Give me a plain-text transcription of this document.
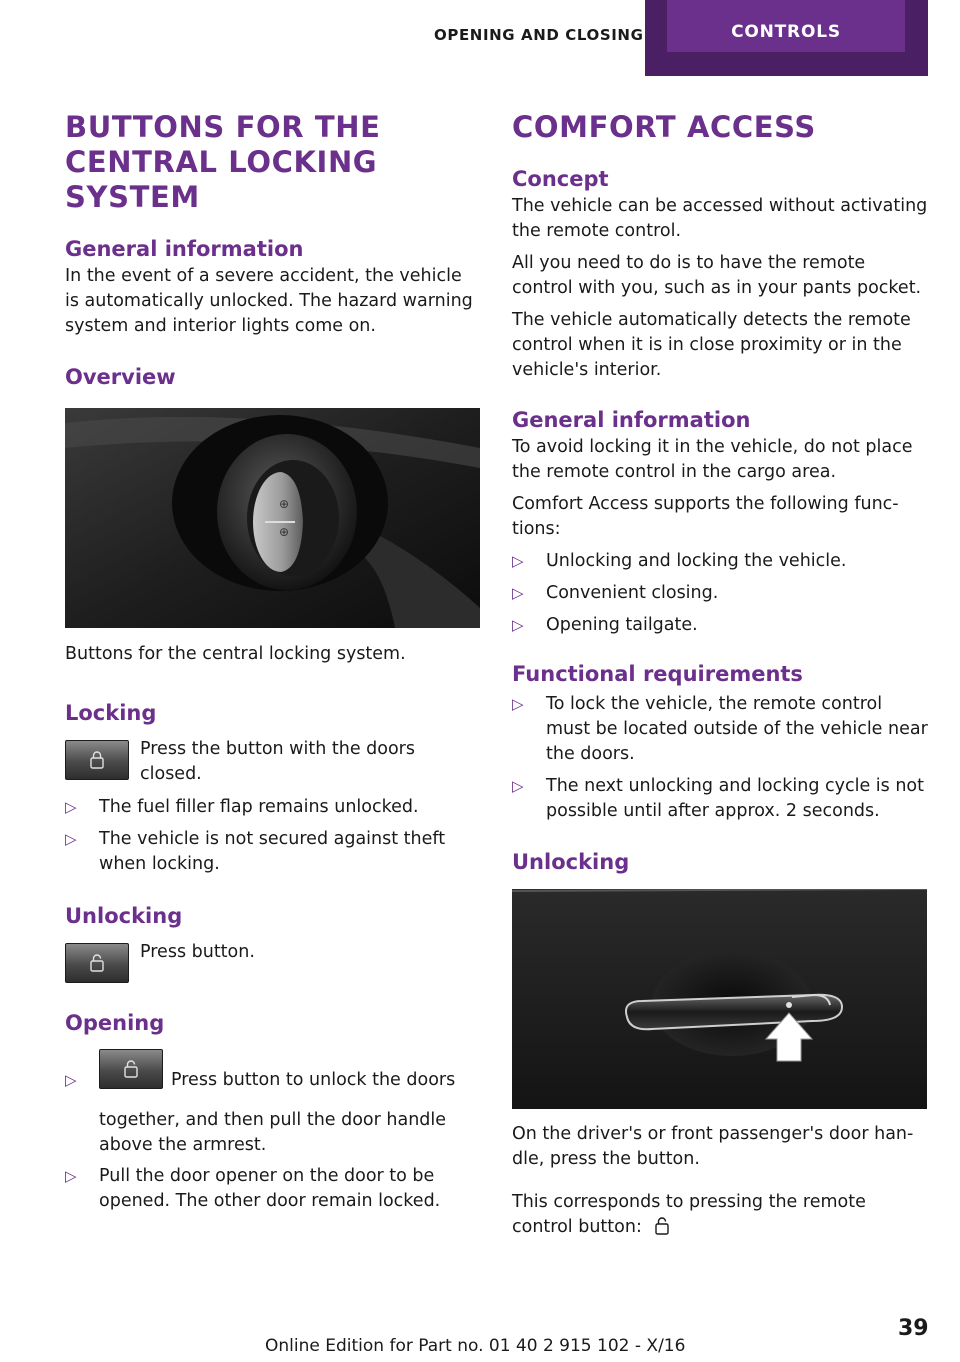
OPENING AND CLOSING	CONTROLS
BUTTONS FOR THE CENTRAL LOCKING SYSTEM
General information

In the event of a severe accident, the vehicle is automatically unlocked. The hazard warning system and interior lights come on.

Overview
⊕
⊕

Buttons for the central locking system.

Locking

Press the button with the doors closed.

▷ The fuel filler flap remains unlocked.
▷ The vehicle is not secured against theft when locking.
Unlocking

Press button.

Opening
▷	Press button to unlock the doors together, and then pull the door handle above the armrest.
▷ Pull the door opener on the door to be opened. The other door remain locked.
COMFORT ACCESS
Concept

The vehicle can be accessed without activating the remote control.

All you need to do is to have the remote control with you, such as in your pants pocket.

The vehicle automatically detects the remote control when it is in close proximity or in the vehicle's interior.

General information

To avoid locking it in the vehicle, do not place the remote control in the cargo area.

Comfort Access supports the following func‐ tions:

▷ Unlocking and locking the vehicle.
▷ Convenient closing.
▷ Opening tailgate.
Functional requirements
▷ To lock the vehicle, the remote control must be located outside of the vehicle near the doors.
▷ The next unlocking and locking cycle is not possible until after approx. 2 seconds.
Unlocking

On the driver's or front passenger's door han‐ dle, press the button.

This corresponds to pressing the remote control button:

39
Online Edition for Part no. 01 40 2 915 102 - X/16
